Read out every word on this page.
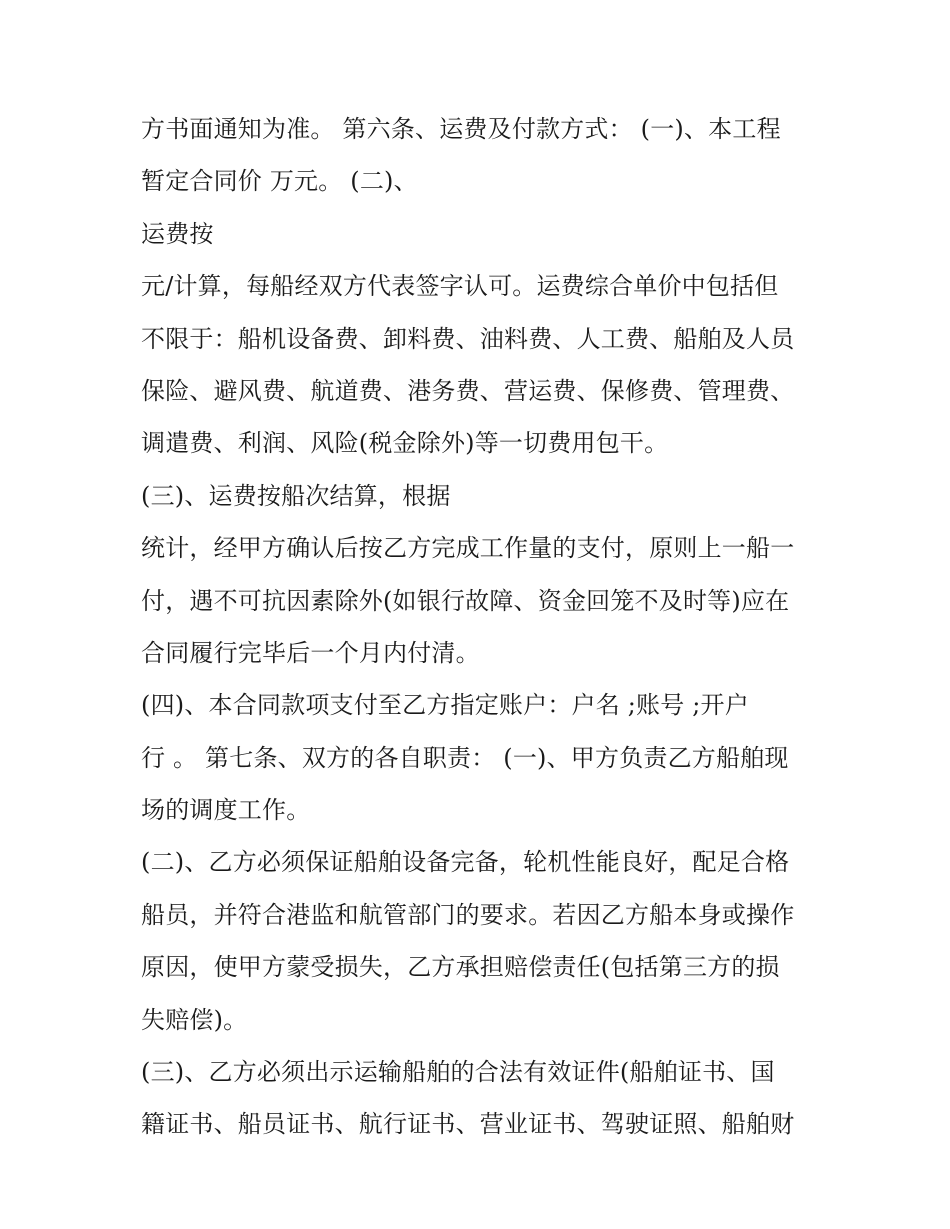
方书面通知为准。 第六条、运费及付款方式： (一)、本工程
暂定合同价 万元。 (二)、
运费按
元/计算，每船经双方代表签字认可。运费综合单价中包括但
不限于：船机设备费、卸料费、油料费、人工费、船舶及人员
保险、避风费、航道费、港务费、营运费、保修费、管理费、
调遣费、利润、风险(税金除外)等一切费用包干。
(三)、运费按船次结算，根据
统计，经甲方确认后按乙方完成工作量的支付，原则上一船一
付，遇不可抗因素除外(如银行故障、资金回笼不及时等)应在
合同履行完毕后一个月内付清。
(四)、本合同款项支付至乙方指定账户：户名 ;账号 ;开户
行 。 第七条、双方的各自职责： (一)、甲方负责乙方船舶现
场的调度工作。
(二)、乙方必须保证船舶设备完备，轮机性能良好，配足合格
船员，并符合港监和航管部门的要求。若因乙方船本身或操作
原因，使甲方蒙受损失，乙方承担赔偿责任(包括第三方的损
失赔偿)。
(三)、乙方必须出示运输船舶的合法有效证件(船舶证书、国
籍证书、船员证书、航行证书、营业证书、驾驶证照、船舶财
